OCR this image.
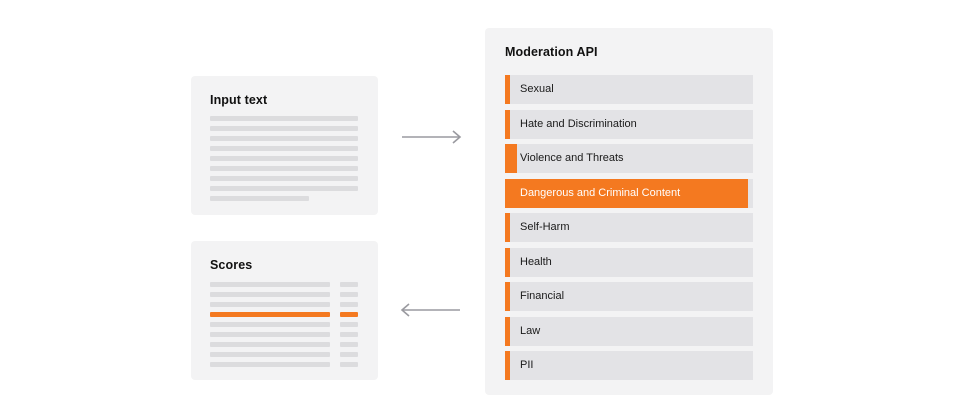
Input text
Scores
Moderation API
Sexual
Hate and Discrimination
Violence and Threats
Dangerous and Criminal Content
Self-Harm
Health
Financial
Law
PII
